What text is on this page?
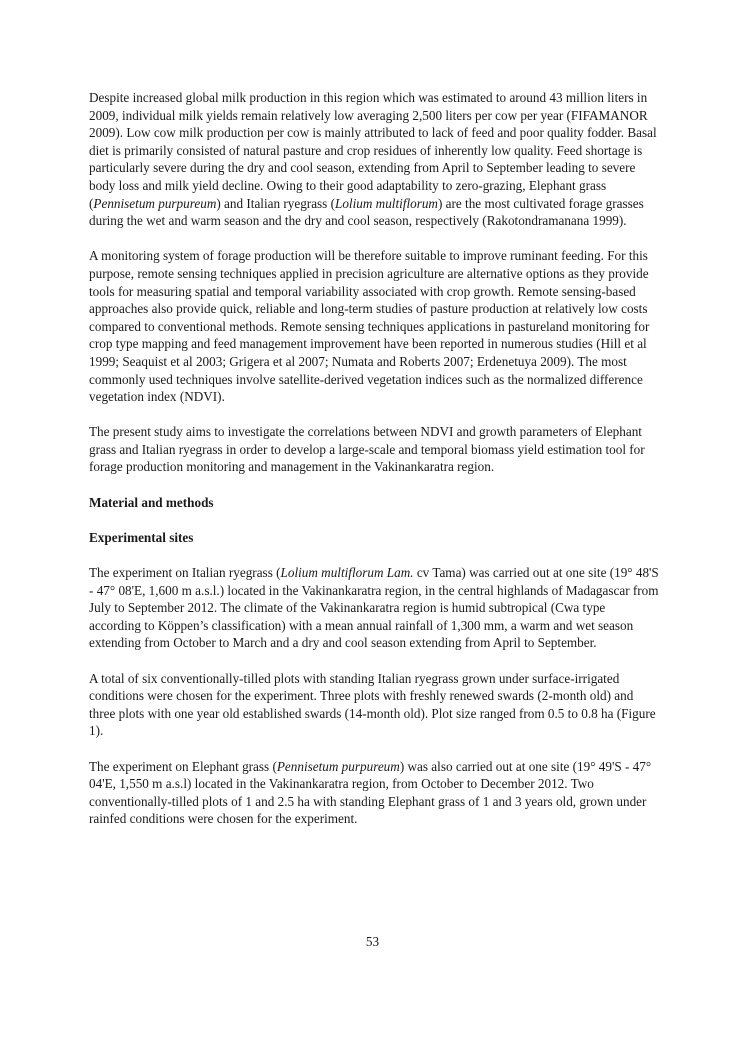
Despite increased global milk production in this region which was estimated to around 43 million liters in 2009, individual milk yields remain relatively low averaging 2,500 liters per cow per year (FIFAMANOR 2009). Low cow milk production per cow is mainly attributed to lack of feed and poor quality fodder. Basal diet is primarily consisted of natural pasture and crop residues of inherently low quality. Feed shortage is particularly severe during the dry and cool season, extending from April to September leading to severe body loss and milk yield decline. Owing to their good adaptability to zero-grazing, Elephant grass (Pennisetum purpureum) and Italian ryegrass (Lolium multiflorum) are the most cultivated forage grasses during the wet and warm season and the dry and cool season, respectively (Rakotondramanana 1999).

A monitoring system of forage production will be therefore suitable to improve ruminant feeding. For this purpose, remote sensing techniques applied in precision agriculture are alternative options as they provide tools for measuring spatial and temporal variability associated with crop growth. Remote sensing-based approaches also provide quick, reliable and long-term studies of pasture production at relatively low costs compared to conventional methods. Remote sensing techniques applications in pastureland monitoring for crop type mapping and feed management improvement have been reported in numerous studies (Hill et al 1999; Seaquist et al 2003; Grigera et al 2007; Numata and Roberts 2007; Erdenetuya 2009). The most commonly used techniques involve satellite-derived vegetation indices such as the normalized difference vegetation index (NDVI).

The present study aims to investigate the correlations between NDVI and growth parameters of Elephant grass and Italian ryegrass in order to develop a large-scale and temporal biomass yield estimation tool for forage production monitoring and management in the Vakinankaratra region.

Material and methods

Experimental sites

The experiment on Italian ryegrass (Lolium multiflorum Lam. cv Tama) was carried out at one site (19° 48'S - 47° 08'E, 1,600 m a.s.l.) located in the Vakinankaratra region, in the central highlands of Madagascar from July to September 2012. The climate of the Vakinankaratra region is humid subtropical (Cwa type according to Köppen’s classification) with a mean annual rainfall of 1,300 mm, a warm and wet season extending from October to March and a dry and cool season extending from April to September.

A total of six conventionally-tilled plots with standing Italian ryegrass grown under surface-irrigated conditions were chosen for the experiment. Three plots with freshly renewed swards (2-month old) and three plots with one year old established swards (14-month old). Plot size ranged from 0.5 to 0.8 ha (Figure 1).

The experiment on Elephant grass (Pennisetum purpureum) was also carried out at one site (19° 49'S - 47° 04'E, 1,550 m a.s.l) located in the Vakinankaratra region, from October to December 2012. Two conventionally-tilled plots of 1 and 2.5 ha with standing Elephant grass of 1 and 3 years old, grown under rainfed conditions were chosen for the experiment.

53
